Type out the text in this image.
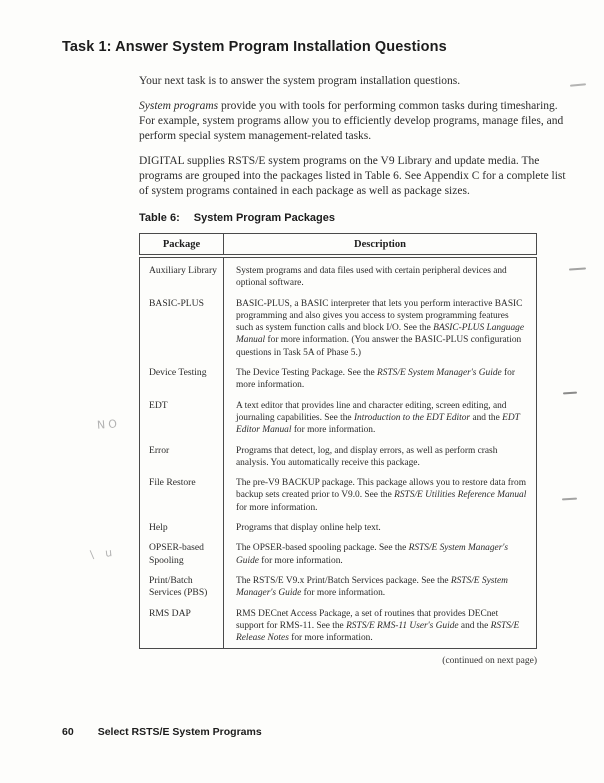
Task 1: Answer System Program Installation Questions

Your next task is to answer the system program installation questions.

System programs provide you with tools for performing common tasks during timesharing. For example, system programs allow you to efficiently develop programs, manage files, and perform special system management-related tasks.

DIGITAL supplies RSTS/E system programs on the V9 Library and update media. The programs are grouped into the packages listed in Table 6. See Appendix C for a complete list of system programs contained in each package as well as package sizes.

Table 6: System Program Packages
Package	Description
Auxiliary Library	System programs and data files used with certain peripheral devices and optional software.
BASIC-PLUS	BASIC-PLUS, a BASIC interpreter that lets you perform interactive BASIC programming and also gives you access to system programming features such as system function calls and block I/O. See the BASIC-PLUS Language Manual for more information. (You answer the BASIC-PLUS configuration questions in Task 5A of Phase 5.)
Device Testing	The Device Testing Package. See the RSTS/E System Manager's Guide for more information.
EDT	A text editor that provides line and character editing, screen editing, and journaling capabilities. See the Introduction to the EDT Editor and the EDT Editor Manual for more information.
Error	Programs that detect, log, and display errors, as well as perform crash analysis. You automatically receive this package.
File Restore	The pre-V9 BACKUP package. This package allows you to restore data from backup sets created prior to V9.0. See the RSTS/E Utilities Reference Manual for more information.
Help	Programs that display online help text.
OPSER-based Spooling	The OPSER-based spooling package. See the RSTS/E System Manager's Guide for more information.
Print/Batch Services (PBS)	The RSTS/E V9.x Print/Batch Services package. See the RSTS/E System Manager's Guide for more information.
RMS DAP	RMS DECnet Access Package, a set of routines that provides DECnet support for RMS-11. See the RSTS/E RMS-11 User's Guide and the RSTS/E Release Notes for more information.
(continued on next page)
NO
\ u
60 Select RSTS/E System Programs
